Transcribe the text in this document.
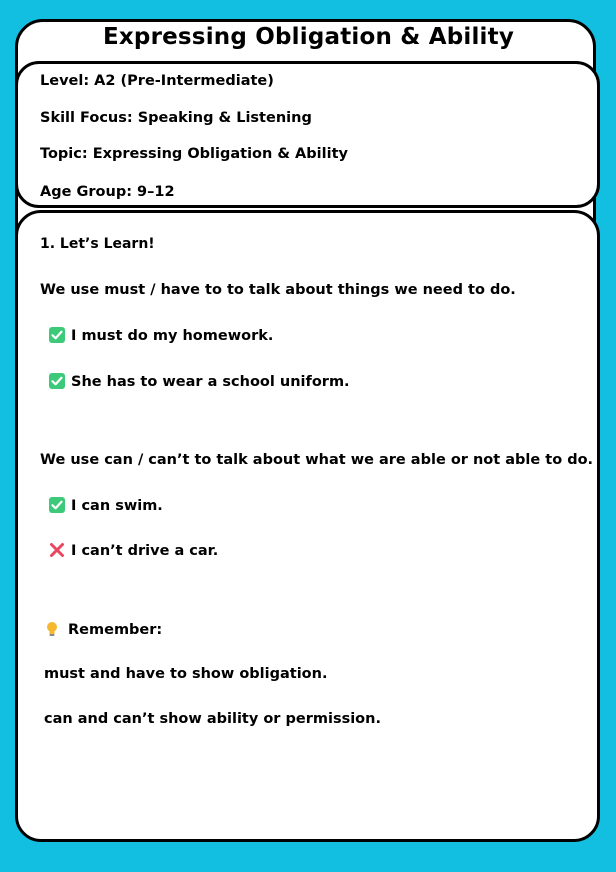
Expressing Obligation & Ability
Level: A2 (Pre-Intermediate)
Skill Focus: Speaking & Listening
Topic: Expressing Obligation & Ability
Age Group: 9–12
1. Let’s Learn!
We use must / have to to talk about things we need to do.
I must do my homework.
She has to wear a school uniform.
We use can / can’t to talk about what we are able or not able to do.
I can swim.
I can’t drive a car.
Remember:
must and have to show obligation.
can and can’t show ability or permission.
